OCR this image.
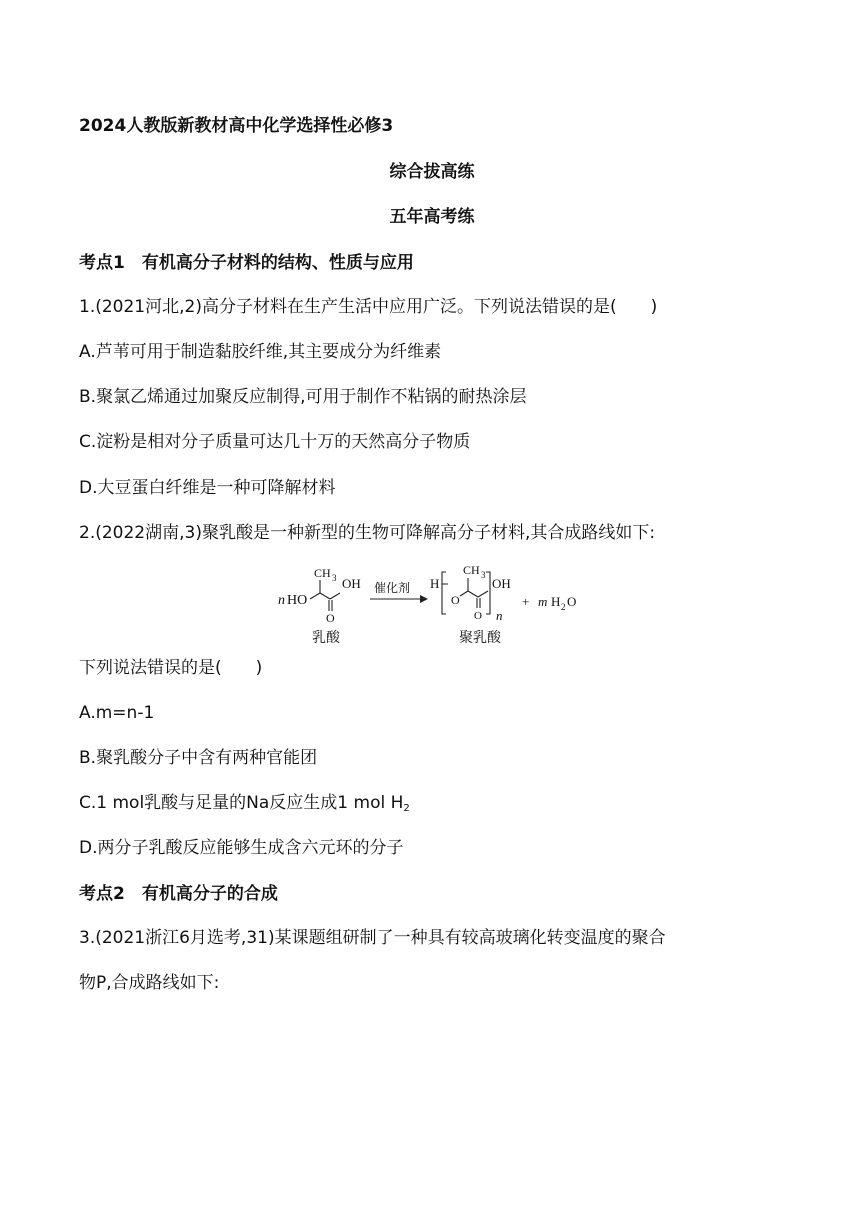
2024人教版新教材高中化学选择性必修3
综合拔高练
五年高考练
考点1　有机高分子材料的结构、性质与应用
1.(2021河北,2)高分子材料在生产生活中应用广泛。下列说法错误的是(　　)
A.芦苇可用于制造黏胶纤维,其主要成分为纤维素
B.聚氯乙烯通过加聚反应制得,可用于制作不粘锅的耐热涂层
C.淀粉是相对分子质量可达几十万的天然高分子物质
D.大豆蛋白纤维是一种可降解材料
2.(2022湖南,3)聚乳酸是一种新型的生物可降解高分子材料,其合成路线如下:
n HO
CH 3 OH
O
乳酸
催化剂 H
O
CH 3
O
OH
n
聚乳酸
+ m H 2 O
下列说法错误的是(　　)
A.m=n-1
B.聚乳酸分子中含有两种官能团
C.1 mol乳酸与足量的Na反应生成1 mol $H_2$
D.两分子乳酸反应能够生成含六元环的分子
考点2　有机高分子的合成
3.(2021浙江6月选考,31)某课题组研制了一种具有较高玻璃化转变温度的聚合
物P,合成路线如下:
